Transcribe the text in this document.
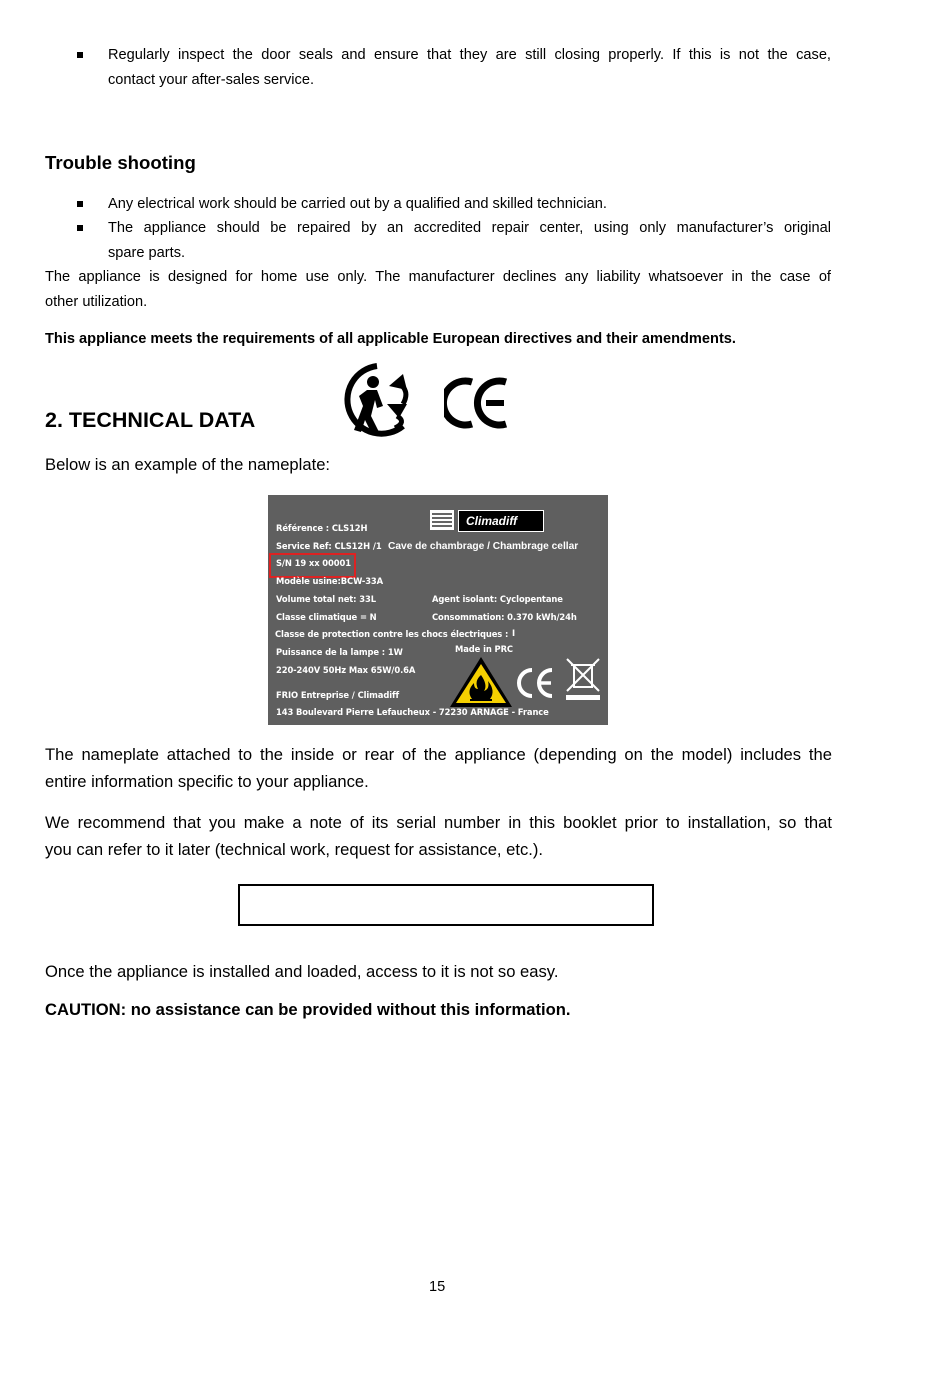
Regularly inspect the door seals and ensure that they are still closing properly. If this is not the case,
contact your after-sales service.
Trouble shooting
Any electrical work should be carried out by a qualified and skilled technician.
The appliance should be repaired by an accredited repair center, using only manufacturer’s original
spare parts.
The appliance is designed for home use only. The manufacturer declines any liability whatsoever in the case of
other utilization.
This appliance meets the requirements of all applicable European directives and their amendments.
2. TECHNICAL DATA
Below is an example of the nameplate:
Référence : CLS12H
Service Ref: CLS12H /1
S/N 19 xx 00001
Modèle usine:BCW-33A
Volume total net: 33L	Agent isolant: Cyclopentane
Classe climatique = N	Consommation: 0.370 kWh/24h
Classe de protection contre les chocs électriques : I
Made in PRC
Puissance de la lampe : 1W
220-240V 50Hz Max 65W/0.6A
FRIO Entreprise / Climadiff
143 Boulevard Pierre Lefaucheux - 72230 ARNAGE - France
Cave de chambrage / Chambrage cellar
Climadiff
The nameplate attached to the inside or rear of the appliance (depending on the model) includes the
entire information specific to your appliance.
We recommend that you make a note of its serial number in this booklet prior to installation, so that
you can refer to it later (technical work, request for assistance, etc.).
Once the appliance is installed and loaded, access to it is not so easy.
CAUTION: no assistance can be provided without this information.
15
